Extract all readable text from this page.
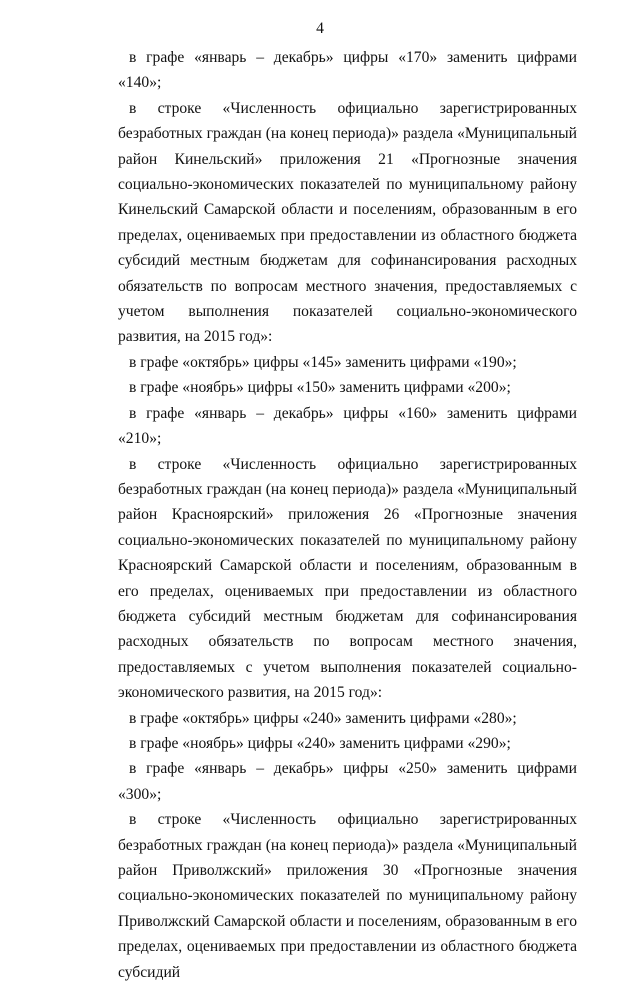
4

в графе «январь – декабрь» цифры «170» заменить цифрами «140»;

в строке «Численность официально зарегистрированных безработных граждан (на конец периода)» раздела «Муниципальный район Кинельский» приложения 21 «Прогнозные значения социально-экономических показателей по муниципальному району Кинельский Самарской области и поселениям, образованным в его пределах, оцениваемых при предоставлении из областного бюджета субсидий местным бюджетам для софинансирования расходных обязательств по вопросам местного значения, предоставляемых с учетом выполнения показателей социально-экономического развития, на 2015 год»:

в графе «октябрь» цифры «145» заменить цифрами «190»;

в графе «ноябрь» цифры «150» заменить цифрами «200»;

в графе «январь – декабрь» цифры «160» заменить цифрами «210»;

в строке «Численность официально зарегистрированных безработных граждан (на конец периода)» раздела «Муниципальный район Красноярский» приложения 26 «Прогнозные значения социально-экономических показателей по муниципальному району Красноярский Самарской области и поселениям, образованным в его пределах, оцениваемых при предоставлении из областного бюджета субсидий местным бюджетам для софинансирования расходных обязательств по вопросам местного значения, предоставляемых с учетом выполнения показателей социально-экономического развития, на 2015 год»:

в графе «октябрь» цифры «240» заменить цифрами «280»;

в графе «ноябрь» цифры «240» заменить цифрами «290»;

в графе «январь – декабрь» цифры «250» заменить цифрами «300»;

в строке «Численность официально зарегистрированных безработных граждан (на конец периода)» раздела «Муниципальный район Приволжский» приложения 30 «Прогнозные значения социально-экономических показателей по муниципальному району Приволжский Самарской области и поселениям, образованным в его пределах, оцениваемых при предоставлении из областного бюджета субсидий
